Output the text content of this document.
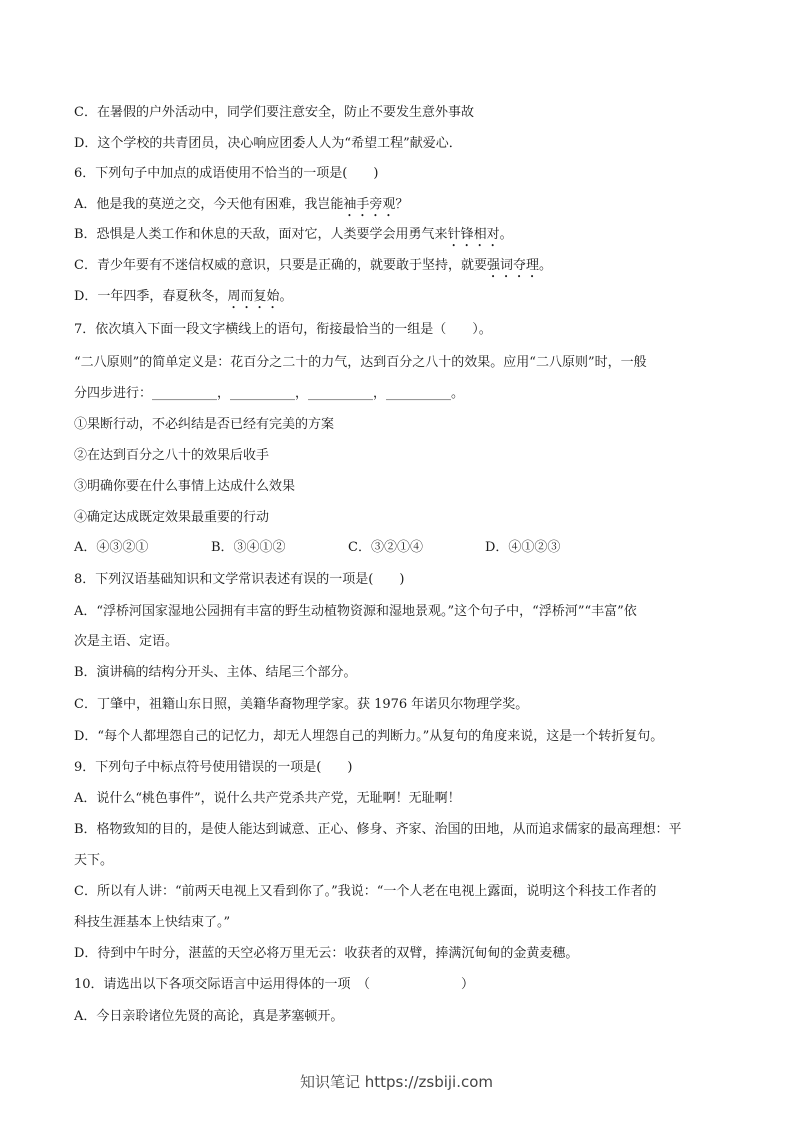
C．在暑假的户外活动中，同学们要注意安全，防止不要发生意外事故
D．这个学校的共青团员，决心响应团委人人为“希望工程”献爱心．
6．下列句子中加点的成语使用不恰当的一项是(　　)
A．他是我的莫逆之交，今天他有困难，我岂能袖手旁观？
B．恐惧是人类工作和休息的天敌，面对它，人类要学会用勇气来针锋相对。
C．青少年要有不迷信权威的意识，只要是正确的，就要敢于坚持，就要强词夺理。
D．一年四季，春夏秋冬，周而复始。
7．依次填入下面一段文字横线上的语句，衔接最恰当的一组是（　　）。
“二八原则”的简单定义是：花百分之二十的力气，达到百分之八十的效果。应用“二八原则”时，一般
分四步进行：__________，__________，__________，__________。
①果断行动，不必纠结是否已经有完美的方案
②在达到百分之八十的效果后收手
③明确你要在什么事情上达成什么效果
④确定达成既定效果最重要的行动
A．④③②①	B．③④①②	C．③②①④	D．④①②③
8．下列汉语基础知识和文学常识表述有误的一项是(　　)
A．“浮桥河国家湿地公园拥有丰富的野生动植物资源和湿地景观。”这个句子中，“浮桥河”“丰富”依
次是主语、定语。
B．演讲稿的结构分开头、主体、结尾三个部分。
C．丁肇中，祖籍山东日照，美籍华裔物理学家。获 1976 年诺贝尔物理学奖。
D．“每个人都埋怨自己的记忆力，却无人埋怨自己的判断力。”从复句的角度来说，这是一个转折复句。
9．下列句子中标点符号使用错误的一项是(　　)
A．说什么“桃色事件”，说什么共产党杀共产党，无耻啊！无耻啊！
B．格物致知的目的，是使人能达到诚意、正心、修身、齐家、治国的田地，从而追求儒家的最高理想：平
天下。
C．所以有人讲：“前两天电视上又看到你了。”我说：“一个人老在电视上露面，说明这个科技工作者的
科技生涯基本上快结束了。”
D．待到中午时分，湛蓝的天空必将万里无云：收获者的双臂，捧满沉甸甸的金黄麦穗。
10．请选出以下各项交际语言中运用得体的一项　（　　　　　　　）
A．今日亲聆诸位先贤的高论，真是茅塞顿开。
知识笔记 https://zsbiji.com
